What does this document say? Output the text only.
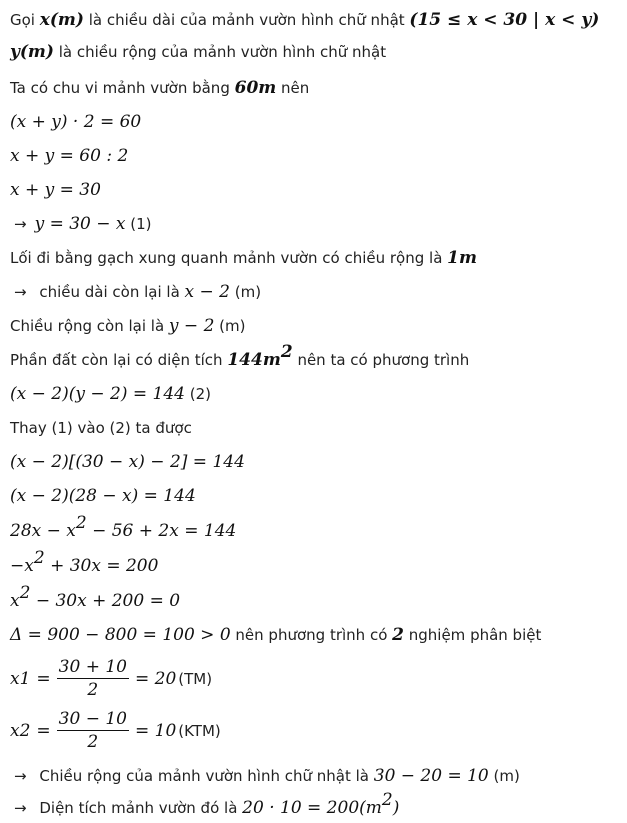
Gọi x(m) là chiều dài của mảnh vườn hình chữ nhật (15 ≤ x < 30 | x < y)
y(m) là chiều rộng của mảnh vườn hình chữ nhật
Ta có chu vi mảnh vườn bằng 60m nên
(x + y) · 2 = 60
x + y = 60 : 2
x + y = 30
→ y = 30 − x (1)
Lối đi bằng gạch xung quanh mảnh vườn có chiều rộng là 1m
→ chiều dài còn lại là x − 2 (m)
Chiều rộng còn lại là y − 2 (m)
Phần đất còn lại có diện tích $144m^2$ nên ta có phương trình
(x − 2)(y − 2) = 144 (2)
Thay (1) vào (2) ta được
(x − 2)[(30 − x) − 2] = 144
(x − 2)(28 − x) = 144
$28x - x^2 - 56 + 2x = 144$
$-x^2 + 30x = 200$
$x^2 - 30x + 200 = 0$
Δ = 900 − 800 = 100 > 0 nên phương trình có 2 nghiệm phân biệt
x $1 = \frac{30 + 10}{2} = 20$ (TM)
x $2 = \frac{30 - 10}{2} = 10$ (KTM)
→ Chiều rộng của mảnh vườn hình chữ nhật là 30 − 20 = 10 (m)
→ Diện tích mảnh vườn đó là $20 \cdot 10 = 200(m^2)$
